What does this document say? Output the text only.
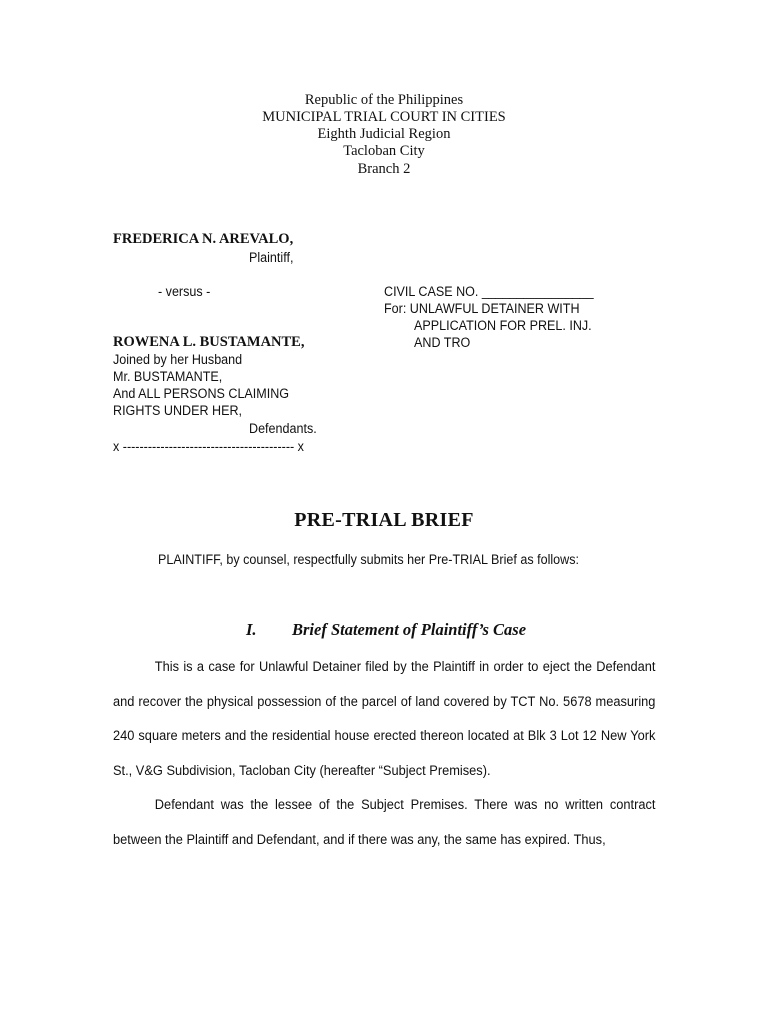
Republic of the Philippines
MUNICIPAL TRIAL COURT IN CITIES
Eighth Judicial Region
Tacloban City
Branch 2
FREDERICA N. AREVALO,
Plaintiff,
- versus -
ROWENA L. BUSTAMANTE,
Joined by her Husband
Mr. BUSTAMANTE,
And ALL PERSONS CLAIMING
RIGHTS UNDER HER,
Defendants.
x ----------------------------------------- x
CIVIL CASE NO. ________________
For: UNLAWFUL DETAINER WITH
APPLICATION FOR PREL. INJ.
AND TRO
PRE-TRIAL BRIEF
PLAINTIFF, by counsel, respectfully submits her Pre-TRIAL Brief as follows:
I. Brief Statement of Plaintiff’s Case

This is a case for Unlawful Detainer filed by the Plaintiff in order to eject the Defendant and recover the physical possession of the parcel of land covered by TCT No. 5678 measuring 240 square meters and the residential house erected thereon located at Blk 3 Lot 12 New York St., V&G Subdivision, Tacloban City (hereafter “Subject Premises).

Defendant was the lessee of the Subject Premises. There was no written contract between the Plaintiff and Defendant, and if there was any, the same has expired. Thus,
